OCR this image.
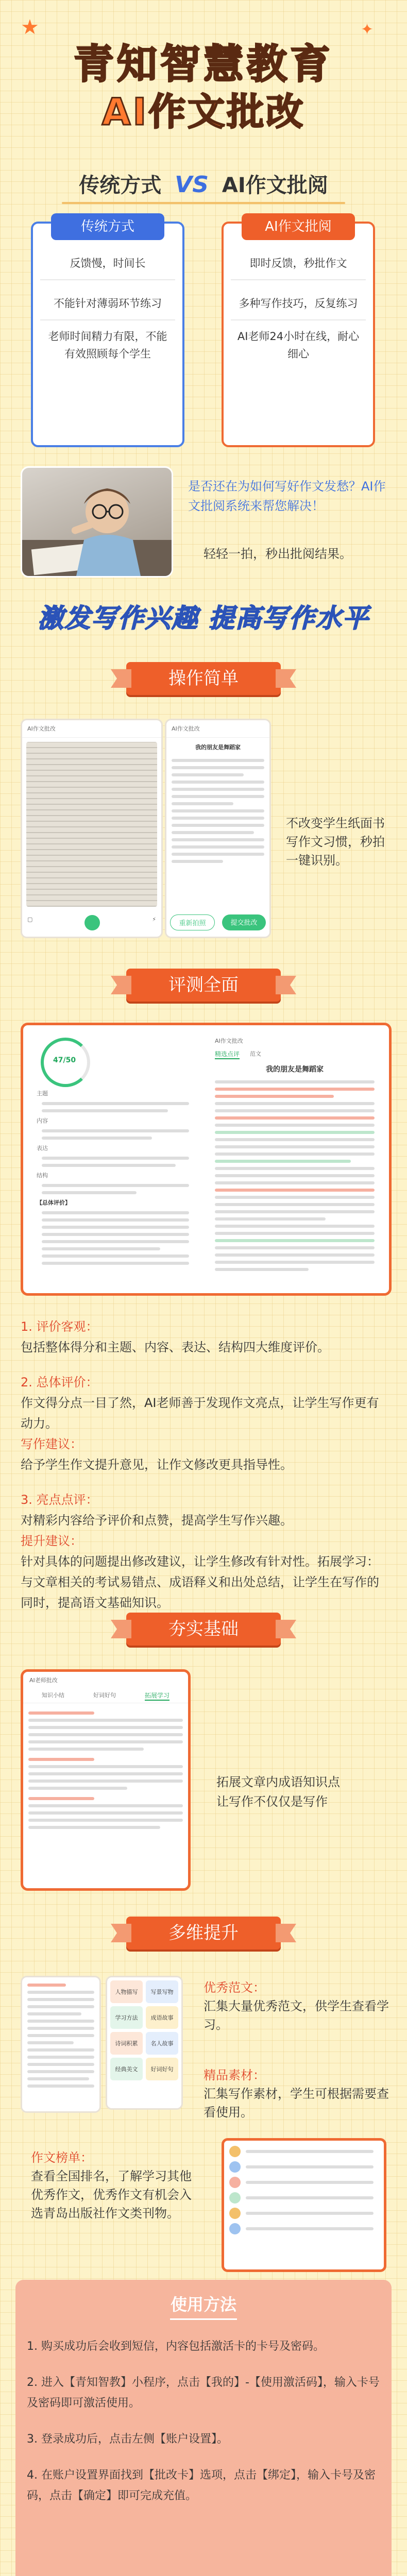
★	✦
青知智慧教育
AI作文批改
传统方式 VS AI作文批阅
传统方式
反馈慢，时间长
不能针对薄弱环节练习
老师时间精力有限，不能有效照顾每个学生
AI作文批阅
即时反馈，秒批作文
多种写作技巧，反复练习
AI老师24小时在线，耐心细心
是否还在为如何写好作文发愁？AI作文批阅系统来帮您解决！
轻轻一拍，秒出批阅结果。
激发写作兴趣 提高写作水平
操作简单
AI作文批改
▢	⚡
AI作文批改
我的朋友是舞蹈家
重新拍照	提交批改
不改变学生纸面书写作文习惯，秒拍一键识别。
评测全面
47/50
主题
内容
表达
结构
【总体评价】
AI作文批改
精选点评 范文
我的朋友是舞蹈家
1. 评价客观：
包括整体得分和主题、内容、表达、结构四大维度评价。
2. 总体评价：
作文得分点一目了然，AI老师善于发现作文亮点，让学生写作更有动力。
写作建议：
给予学生作文提升意见，让作文修改更具指导性。
3. 亮点点评：
对精彩内容给予评价和点赞，提高学生写作兴趣。
提升建议：
针对具体的问题提出修改建议，让学生修改有针对性。拓展学习：与文章相关的考试易错点、成语释义和出处总结，让学生在写作的同时，提高语文基础知识。
夯实基础
AI老师批改
知识小结	好词好句	拓展学习
拓展文章内成语知识点让写作不仅仅是写作
多维提升
人物描写	写景写物
学习方法	成语故事
诗词积累	名人故事
经典美文	好词好句
优秀范文：
汇集大量优秀范文，供学生查看学习。
精品素材：
汇集写作素材，学生可根据需要查看使用。
作文榜单：
查看全国排名，了解学习其他优秀作文，优秀作文有机会入选青岛出版社作文类刊物。
使用方法
1. 购买成功后会收到短信，内容包括激活卡的卡号及密码。
2. 进入【青知智教】小程序，点击【我的】-【使用激活码】，输入卡号及密码即可激活使用。
3. 登录成功后，点击左侧【账户设置】。
4. 在账户设置界面找到【批改卡】选项，点击【绑定】，输入卡号及密码，点击【确定】即可完成充值。
